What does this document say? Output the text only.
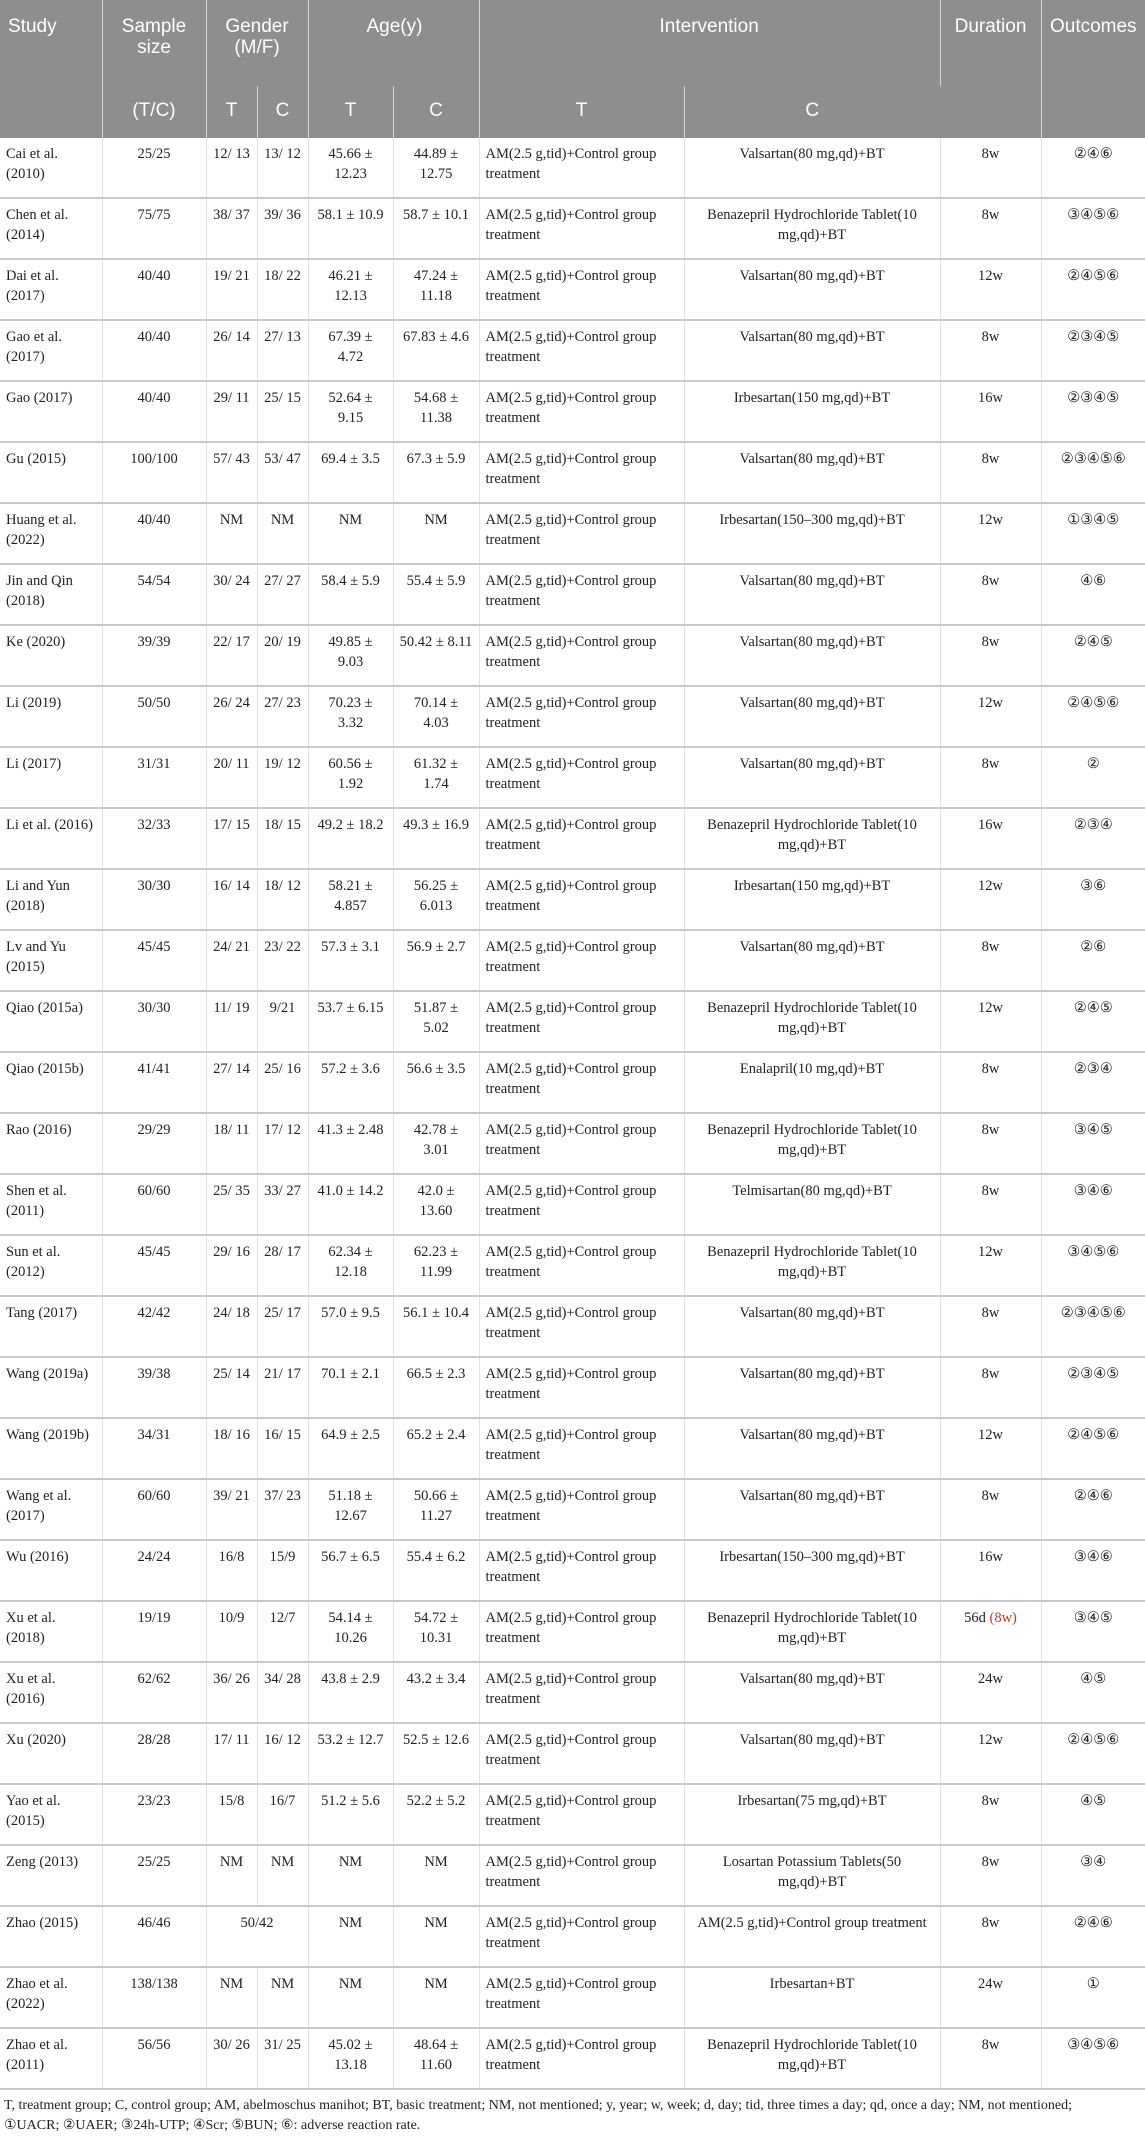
Study	Sample size	Gender (M/F)		Age(y)		Intervention		Duration	Outcomes
	(T/C)	T	C	T	C	T	C		
Cai et al. (2010)	25/25	12/ 13	13/ 12	45.66 ± 12.23	44.89 ± 12.75	AM(2.5 g,tid)+Control group treatment	Valsartan(80 mg,qd)+BT	8w	②④⑥
Chen et al. (2014)	75/75	38/ 37	39/ 36	58.1 ± 10.9	58.7 ± 10.1	AM(2.5 g,tid)+Control group treatment	Benazepril Hydrochloride Tablet(10 mg,qd)+BT	8w	③④⑤⑥
Dai et al. (2017)	40/40	19/ 21	18/ 22	46.21 ± 12.13	47.24 ± 11.18	AM(2.5 g,tid)+Control group treatment	Valsartan(80 mg,qd)+BT	12w	②④⑤⑥
Gao et al. (2017)	40/40	26/ 14	27/ 13	67.39 ± 4.72	67.83 ± 4.6	AM(2.5 g,tid)+Control group treatment	Valsartan(80 mg,qd)+BT	8w	②③④⑤
Gao (2017)	40/40	29/ 11	25/ 15	52.64 ± 9.15	54.68 ± 11.38	AM(2.5 g,tid)+Control group treatment	Irbesartan(150 mg,qd)+BT	16w	②③④⑤
Gu (2015)	100/100	57/ 43	53/ 47	69.4 ± 3.5	67.3 ± 5.9	AM(2.5 g,tid)+Control group treatment	Valsartan(80 mg,qd)+BT	8w	②③④⑤⑥
Huang et al. (2022)	40/40	NM	NM	NM	NM	AM(2.5 g,tid)+Control group treatment	Irbesartan(150–300 mg,qd)+BT	12w	①③④⑤
Jin and Qin (2018)	54/54	30/ 24	27/ 27	58.4 ± 5.9	55.4 ± 5.9	AM(2.5 g,tid)+Control group treatment	Valsartan(80 mg,qd)+BT	8w	④⑥
Ke (2020)	39/39	22/ 17	20/ 19	49.85 ± 9.03	50.42 ± 8.11	AM(2.5 g,tid)+Control group treatment	Valsartan(80 mg,qd)+BT	8w	②④⑤
Li (2019)	50/50	26/ 24	27/ 23	70.23 ± 3.32	70.14 ± 4.03	AM(2.5 g,tid)+Control group treatment	Valsartan(80 mg,qd)+BT	12w	②④⑤⑥
Li (2017)	31/31	20/ 11	19/ 12	60.56 ± 1.92	61.32 ± 1.74	AM(2.5 g,tid)+Control group treatment	Valsartan(80 mg,qd)+BT	8w	②
Li et al. (2016)	32/33	17/ 15	18/ 15	49.2 ± 18.2	49.3 ± 16.9	AM(2.5 g,tid)+Control group treatment	Benazepril Hydrochloride Tablet(10 mg,qd)+BT	16w	②③④
Li and Yun (2018)	30/30	16/ 14	18/ 12	58.21 ± 4.857	56.25 ± 6.013	AM(2.5 g,tid)+Control group treatment	Irbesartan(150 mg,qd)+BT	12w	③⑥
Lv and Yu (2015)	45/45	24/ 21	23/ 22	57.3 ± 3.1	56.9 ± 2.7	AM(2.5 g,tid)+Control group treatment	Valsartan(80 mg,qd)+BT	8w	②⑥
Qiao (2015a)	30/30	11/ 19	9/21	53.7 ± 6.15	51.87 ± 5.02	AM(2.5 g,tid)+Control group treatment	Benazepril Hydrochloride Tablet(10 mg,qd)+BT	12w	②④⑤
Qiao (2015b)	41/41	27/ 14	25/ 16	57.2 ± 3.6	56.6 ± 3.5	AM(2.5 g,tid)+Control group treatment	Enalapril(10 mg,qd)+BT	8w	②③④
Rao (2016)	29/29	18/ 11	17/ 12	41.3 ± 2.48	42.78 ± 3.01	AM(2.5 g,tid)+Control group treatment	Benazepril Hydrochloride Tablet(10 mg,qd)+BT	8w	③④⑤
Shen et al. (2011)	60/60	25/ 35	33/ 27	41.0 ± 14.2	42.0 ± 13.60	AM(2.5 g,tid)+Control group treatment	Telmisartan(80 mg,qd)+BT	8w	③④⑥
Sun et al. (2012)	45/45	29/ 16	28/ 17	62.34 ± 12.18	62.23 ± 11.99	AM(2.5 g,tid)+Control group treatment	Benazepril Hydrochloride Tablet(10 mg,qd)+BT	12w	③④⑤⑥
Tang (2017)	42/42	24/ 18	25/ 17	57.0 ± 9.5	56.1 ± 10.4	AM(2.5 g,tid)+Control group treatment	Valsartan(80 mg,qd)+BT	8w	②③④⑤⑥
Wang (2019a)	39/38	25/ 14	21/ 17	70.1 ± 2.1	66.5 ± 2.3	AM(2.5 g,tid)+Control group treatment	Valsartan(80 mg,qd)+BT	8w	②③④⑤
Wang (2019b)	34/31	18/ 16	16/ 15	64.9 ± 2.5	65.2 ± 2.4	AM(2.5 g,tid)+Control group treatment	Valsartan(80 mg,qd)+BT	12w	②④⑤⑥
Wang et al. (2017)	60/60	39/ 21	37/ 23	51.18 ± 12.67	50.66 ± 11.27	AM(2.5 g,tid)+Control group treatment	Valsartan(80 mg,qd)+BT	8w	②④⑥
Wu (2016)	24/24	16/8	15/9	56.7 ± 6.5	55.4 ± 6.2	AM(2.5 g,tid)+Control group treatment	Irbesartan(150–300 mg,qd)+BT	16w	③④⑥
Xu et al. (2018)	19/19	10/9	12/7	54.14 ± 10.26	54.72 ± 10.31	AM(2.5 g,tid)+Control group treatment	Benazepril Hydrochloride Tablet(10 mg,qd)+BT	56d (8w)	③④⑤
Xu et al. (2016)	62/62	36/ 26	34/ 28	43.8 ± 2.9	43.2 ± 3.4	AM(2.5 g,tid)+Control group treatment	Valsartan(80 mg,qd)+BT	24w	④⑤
Xu (2020)	28/28	17/ 11	16/ 12	53.2 ± 12.7	52.5 ± 12.6	AM(2.5 g,tid)+Control group treatment	Valsartan(80 mg,qd)+BT	12w	②④⑤⑥
Yao et al. (2015)	23/23	15/8	16/7	51.2 ± 5.6	52.2 ± 5.2	AM(2.5 g,tid)+Control group treatment	Irbesartan(75 mg,qd)+BT	8w	④⑤
Zeng (2013)	25/25	NM	NM	NM	NM	AM(2.5 g,tid)+Control group treatment	Losartan Potassium Tablets(50 mg,qd)+BT	8w	③④
Zhao (2015)	46/46	50/42		NM	NM	AM(2.5 g,tid)+Control group treatment	AM(2.5 g,tid)+Control group treatment	8w	②④⑥
Zhao et al. (2022)	138/138	NM	NM	NM	NM	AM(2.5 g,tid)+Control group treatment	Irbesartan+BT	24w	①
Zhao et al. (2011)	56/56	30/ 26	31/ 25	45.02 ± 13.18	48.64 ± 11.60	AM(2.5 g,tid)+Control group treatment	Benazepril Hydrochloride Tablet(10 mg,qd)+BT	8w	③④⑤⑥
T, treatment group; C, control group; AM, abelmoschus manihot; BT, basic treatment; NM, not mentioned; y, year; w, week; d, day; tid, three times a day; qd, once a day; NM, not mentioned;
①UACR; ②UAER; ③24h-UTP; ④Scr; ⑤BUN; ⑥: adverse reaction rate.
